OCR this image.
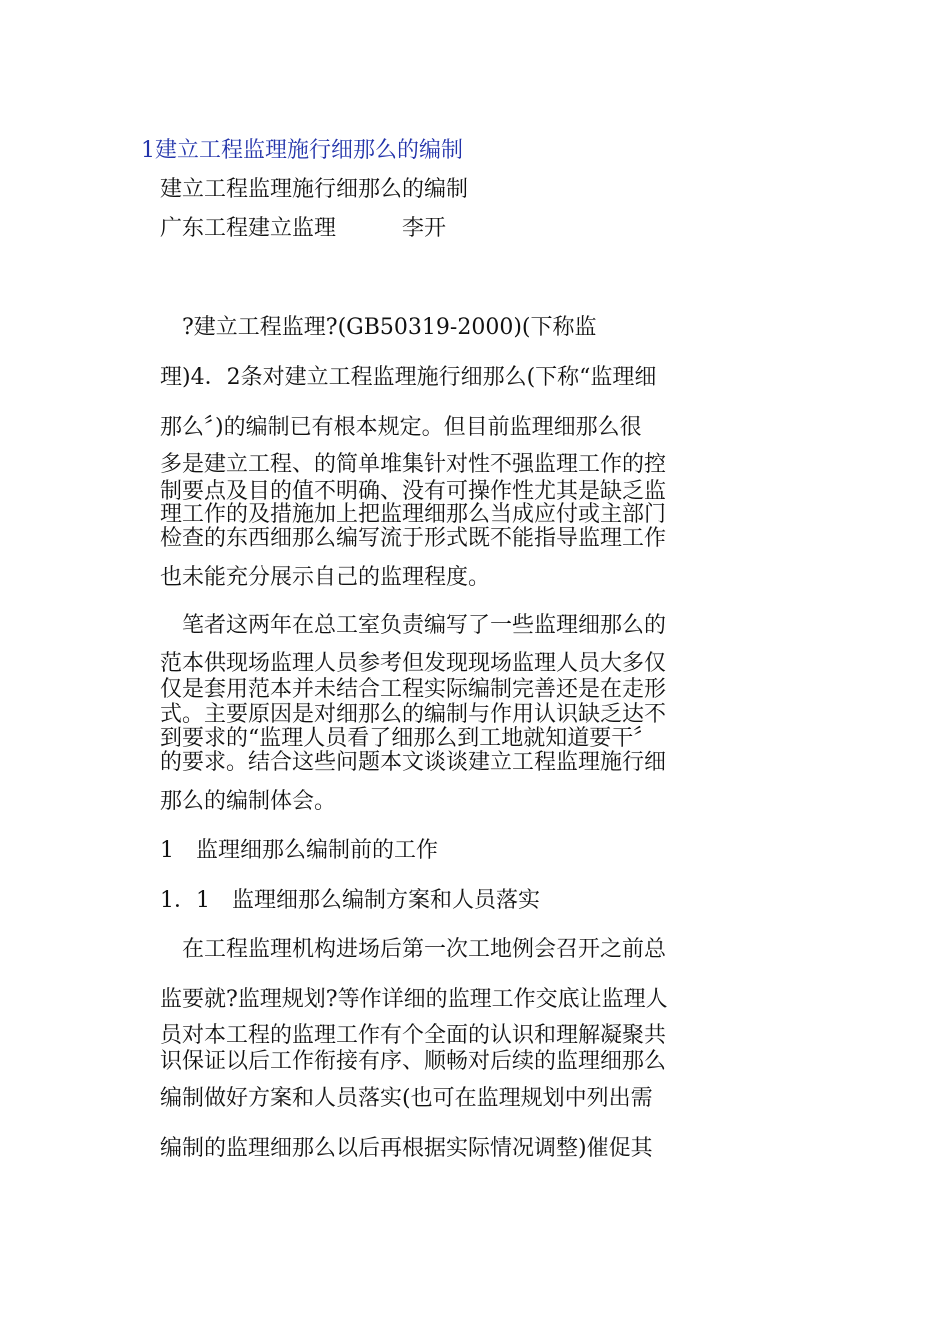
1建立工程监理施行细那么的编制
建立工程监理施行细那么的编制
广东工程建立监理　　　李开
　?建立工程监理?(GB50319-2000)(下称监
理)4．2条对建立工程监理施行细那么(下称“监理细
那么〞)的编制已有根本规定。但目前监理细那么很
多是建立工程、的简单堆集针对性不强监理工作的控
制要点及目的值不明确、没有可操作性尤其是缺乏监
理工作的及措施加上把监理细那么当成应付或主部门
检查的东西细那么编写流于形式既不能指导监理工作
也未能充分展示自己的监理程度。
　笔者这两年在总工室负责编写了一些监理细那么的
范本供现场监理人员参考但发现现场监理人员大多仅
仅是套用范本并未结合工程实际编制完善还是在走形
式。主要原因是对细那么的编制与作用认识缺乏达不
到要求的“监理人员看了细那么到工地就知道要干〞
的要求。结合这些问题本文谈谈建立工程监理施行细
那么的编制体会。
1　监理细那么编制前的工作
1．1　监理细那么编制方案和人员落实
　在工程监理机构进场后第一次工地例会召开之前总
监要就?监理规划?等作详细的监理工作交底让监理人
员对本工程的监理工作有个全面的认识和理解凝聚共
识保证以后工作衔接有序、顺畅对后续的监理细那么
编制做好方案和人员落实(也可在监理规划中列出需
编制的监理细那么以后再根据实际情况调整)催促其
